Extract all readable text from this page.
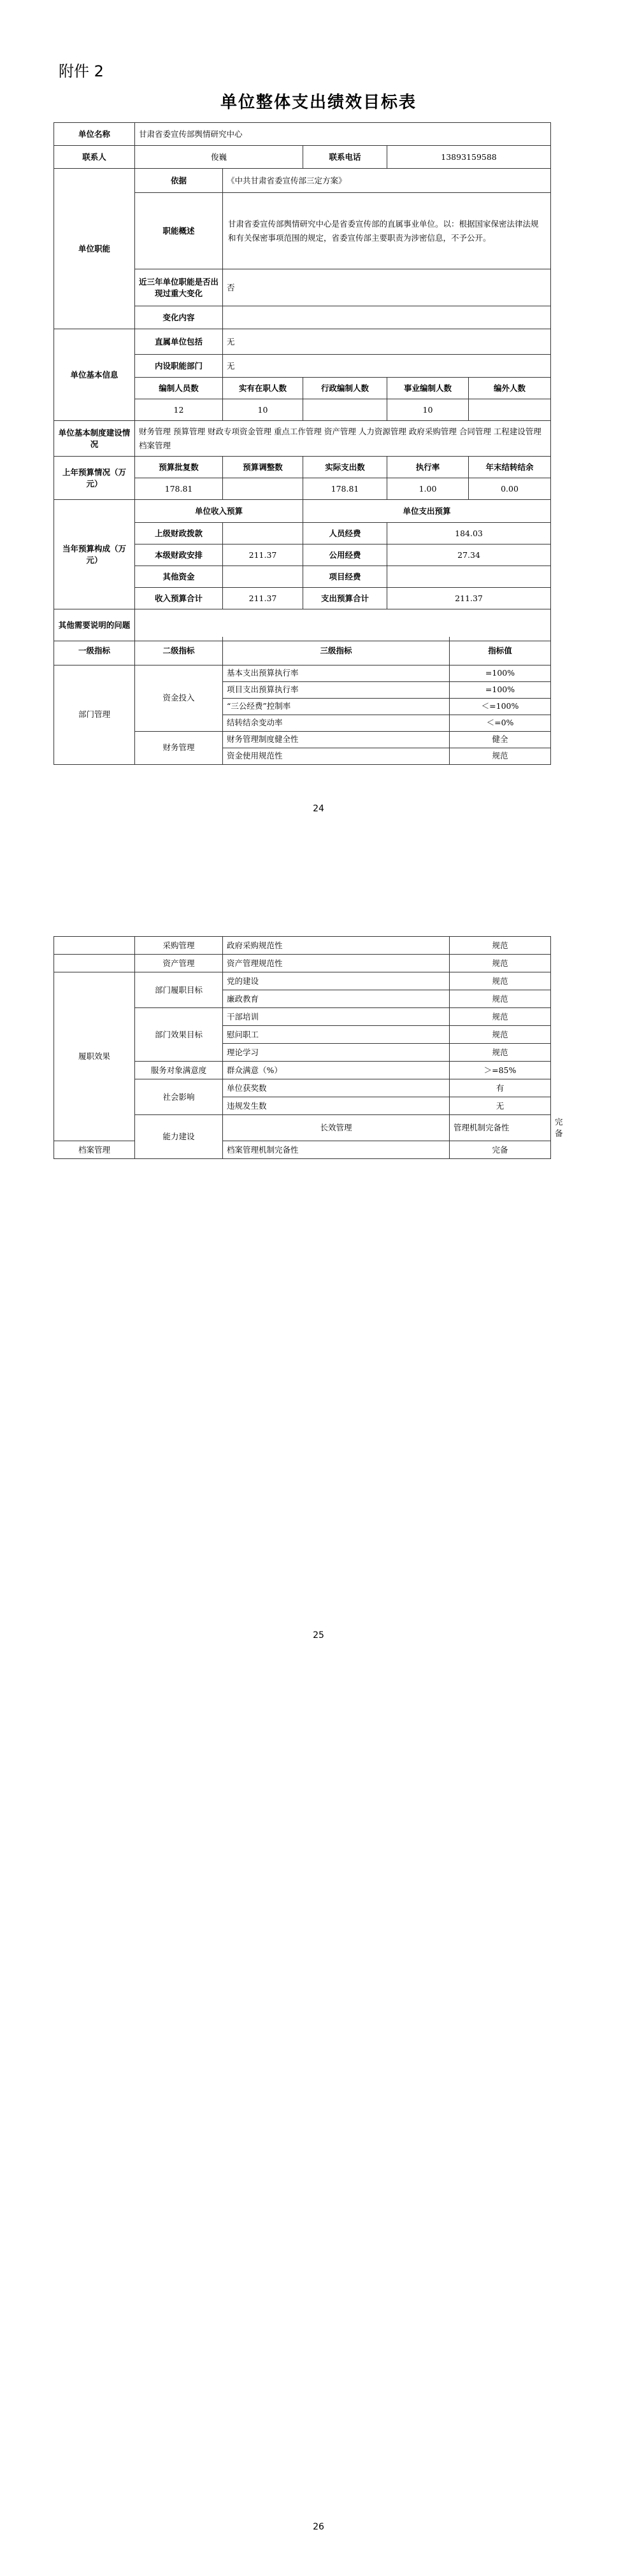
附件 2
单位整体支出绩效目标表
单位名称	甘肃省委宣传部舆情研究中心				
联系人	俊巍		联系电话	13893159588	
单位职能	依据	《中共甘肃省委宣传部三定方案》			
	职能概述	甘肃省委宣传部舆情研究中心是省委宣传部的直属事业单位。以：根据国家保密法律法规和有关保密事项范围的规定，省委宣传部主要职责为涉密信息，不予公开。			
	近三年单位职能是否出现过重大变化	否			
	变化内容				
单位基本信息	直属单位包括	无			
	内设职能部门	无			
	编制人员数	实有在职人数	行政编制人数	事业编制人数	编外人数
	12	10		10	
单位基本制度建设情况	财务管理 预算管理 财政专项资金管理 重点工作管理 资产管理 人力资源管理 政府采购管理 合同管理 工程建设管理 档案管理				
上年预算情况（万元）	预算批复数	预算调整数	实际支出数	执行率	年末结转结余
	178.81		178.81	1.00	0.00
当年预算构成（万元）	单位收入预算		单位支出预算		
	上级财政拨款		人员经费	184.03	
	本级财政安排	211.37	公用经费	27.34	
	其他资金		项目经费		
	收入预算合计	211.37	支出预算合计	211.37	
其他需要说明的问题					
一级指标	二级指标	三级指标	指标值
部门管理	资金投入	基本支出预算执行率	=100%
		项目支出预算执行率	=100%
		“三公经费”控制率	＜=100%
		结转结余变动率	＜=0%
	财务管理	财务管理制度健全性	健全
		资金使用规范性	规范
24
	采购管理	政府采购规范性	规范	
	资产管理	资产管理规范性	规范	
履职效果	部门履职目标	党的建设	规范	
		廉政教育	规范	
	部门效果目标	干部培训	规范	
		慰问职工	规范	
		理论学习	规范	
	服务对象满意度	群众满意（%）	＞=85%	
	社会影响	单位获奖数	有	
		违规发生数	无	
	能力建设	长效管理	管理机制完备性	完备
档案管理		档案管理机制完备性	完备	
25
26
